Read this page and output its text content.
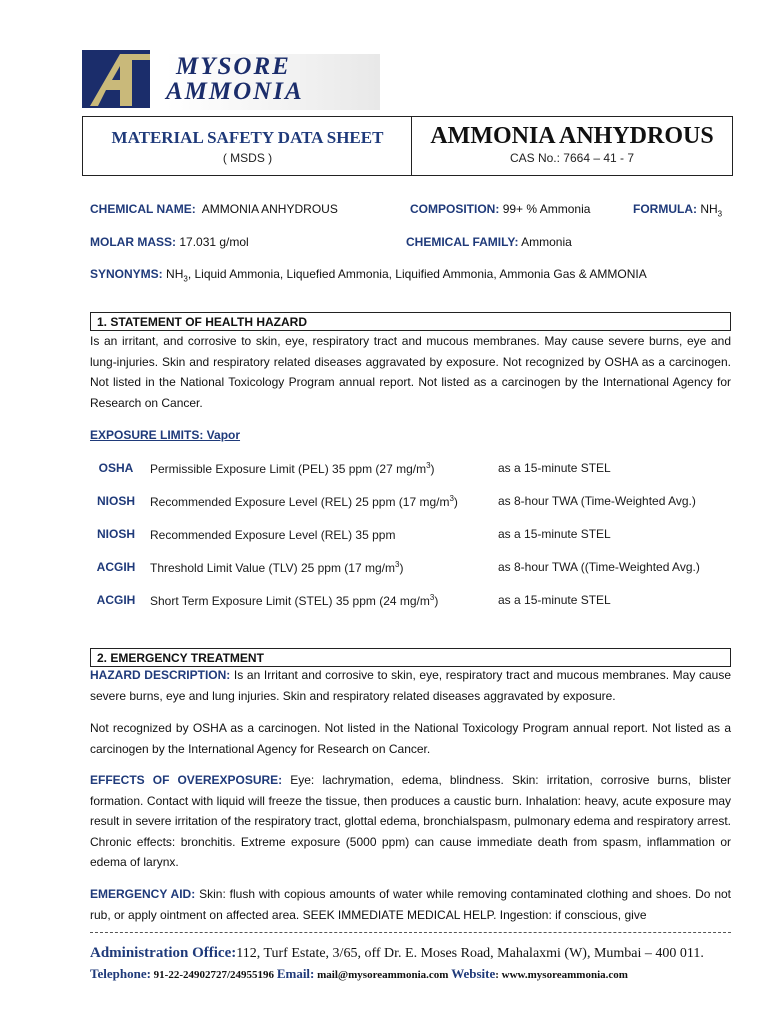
MYSORE
AMMONIA
MATERIAL SAFETY DATA SHEET
( MSDS )
AMMONIA ANHYDROUS
CAS No.: 7664 – 41 - 7
CHEMICAL NAME: AMMONIA ANHYDROUS	COMPOSITION: 99+ % Ammonia	FORMULA: $NH_3$
MOLAR MASS: 17.031 g/mol	CHEMICAL FAMILY: Ammonia
SYNONYMS: $NH_3$, Liquid Ammonia, Liquefied Ammonia, Liquified Ammonia, Ammonia Gas & AMMONIA
1. STATEMENT OF HEALTH HAZARD
Is an irritant, and corrosive to skin, eye, respiratory tract and mucous membranes. May cause severe burns, eye and lung-injuries. Skin and respiratory related diseases aggravated by exposure. Not recognized by OSHA as a carcinogen. Not listed in the National Toxicology Program annual report. Not listed as a carcinogen by the International Agency for Research on Cancer.
EXPOSURE LIMITS: Vapor
OSHA	Permissible Exposure Limit (PEL) 35 ppm (27 $mg/m^3$)	as a 15-minute STEL
NIOSH	Recommended Exposure Level (REL) 25 ppm (17 $mg/m^3$)	as 8-hour TWA (Time-Weighted Avg.)
NIOSH	Recommended Exposure Level (REL) 35 ppm	as a 15-minute STEL
ACGIH	Threshold Limit Value (TLV) 25 ppm (17 $mg/m^3$)	as 8-hour TWA ((Time-Weighted Avg.)
ACGIH	Short Term Exposure Limit (STEL) 35 ppm (24 $mg/m^3$)	as a 15-minute STEL
2. EMERGENCY TREATMENT
HAZARD DESCRIPTION: Is an Irritant and corrosive to skin, eye, respiratory tract and mucous membranes. May cause severe burns, eye and lung injuries. Skin and respiratory related diseases aggravated by exposure.
Not recognized by OSHA as a carcinogen. Not listed in the National Toxicology Program annual report. Not listed as a carcinogen by the International Agency for Research on Cancer.
EFFECTS OF OVEREXPOSURE: Eye: lachrymation, edema, blindness. Skin: irritation, corrosive burns, blister formation. Contact with liquid will freeze the tissue, then produces a caustic burn. Inhalation: heavy, acute exposure may result in severe irritation of the respiratory tract, glottal edema, bronchialspasm, pulmonary edema and respiratory arrest. Chronic effects: bronchitis. Extreme exposure (5000 ppm) can cause immediate death from spasm, inflammation or edema of larynx.
EMERGENCY AID: Skin: flush with copious amounts of water while removing contaminated clothing and shoes. Do not rub, or apply ointment on affected area. SEEK IMMEDIATE MEDICAL HELP. Ingestion: if conscious, give
Administration Office:112, Turf Estate, 3/65, off Dr. E. Moses Road, Mahalaxmi (W), Mumbai – 400 011.
Telephone: 91-22-24902727/24955196 Email: mail@mysoreammonia.com Website: www.mysoreammonia.com
